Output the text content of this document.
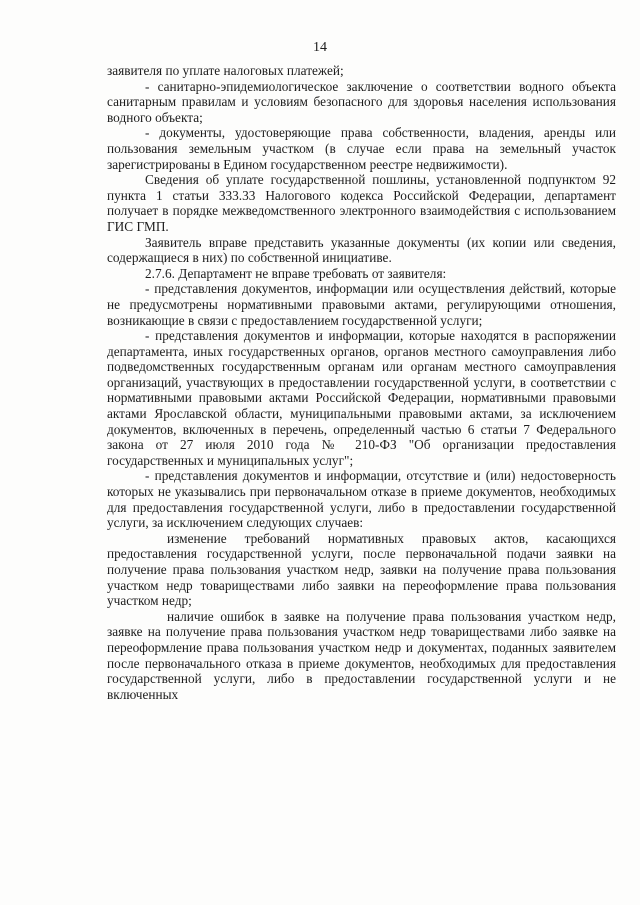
14

заявителя по уплате налоговых платежей;

- санитарно-эпидемиологическое заключение о соответствии водного объекта санитарным правилам и условиям безопасного для здоровья населения использования водного объекта;

- документы, удостоверяющие права собственности, владения, аренды или пользования земельным участком (в случае если права на земельный участок зарегистрированы в Едином государственном реестре недвижимости).

Сведения об уплате государственной пошлины, установленной подпунктом 92 пункта 1 статьи 333.33 Налогового кодекса Российской Федерации, департамент получает в порядке межведомственного электронного взаимодействия с использованием ГИС ГМП.

Заявитель вправе представить указанные документы (их копии или сведения, содержащиеся в них) по собственной инициативе.

2.7.6. Департамент не вправе требовать от заявителя:

- представления документов, информации или осуществления действий, которые не предусмотрены нормативными правовыми актами, регулирующими отношения, возникающие в связи с предоставлением государственной услуги;

- представления документов и информации, которые находятся в распоряжении департамента, иных государственных органов, органов местного самоуправления либо подведомственных государственным органам или органам местного самоуправления организаций, участвующих в предоставлении государственной услуги, в соответствии с нормативными правовыми актами Российской Федерации, нормативными правовыми актами Ярославской области, муниципальными правовыми актами, за исключением документов, включенных в перечень, определенный частью 6 статьи 7 Федерального закона от 27 июля 2010 года № 210-ФЗ "Об организации предоставления государственных и муниципальных услуг";

- представления документов и информации, отсутствие и (или) недостоверность которых не указывались при первоначальном отказе в приеме документов, необходимых для предоставления государственной услуги, либо в предоставлении государственной услуги, за исключением следующих случаев:

изменение требований нормативных правовых актов, касающихся предоставления государственной услуги, после первоначальной подачи заявки на получение права пользования участком недр, заявки на получение права пользования участком недр товариществами либо заявки на переоформление права пользования участком недр;

наличие ошибок в заявке на получение права пользования участком недр, заявке на получение права пользования участком недр товариществами либо заявке на переоформление права пользования участком недр и документах, поданных заявителем после первоначального отказа в приеме документов, необходимых для предоставления государственной услуги, либо в предоставлении государственной услуги и не включенных
